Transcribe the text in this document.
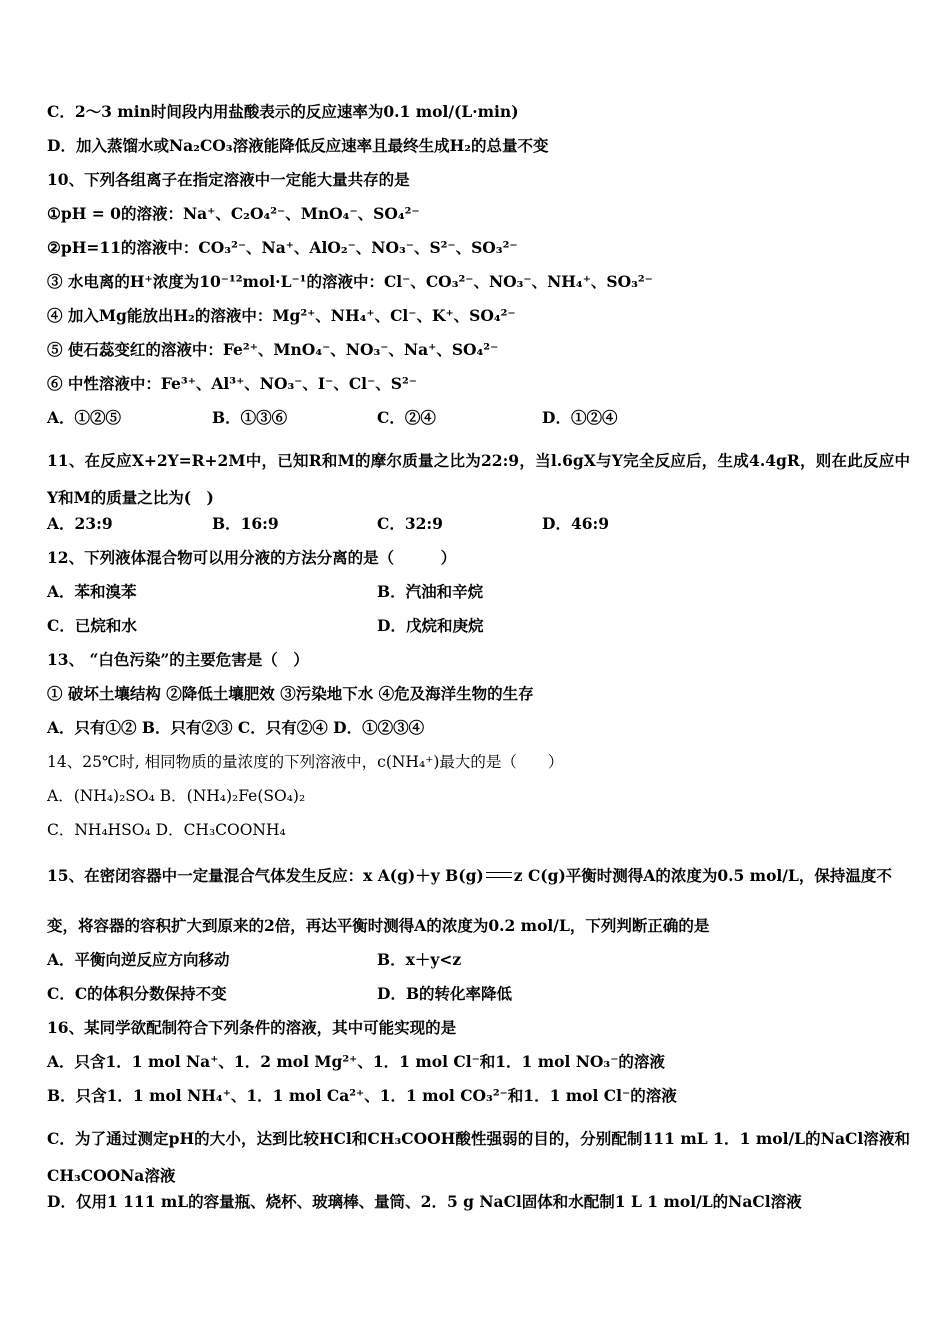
C．2～3 min时间段内用盐酸表示的反应速率为0.1 mol/(L·min)
D．加入蒸馏水或Na₂CO₃溶液能降低反应速率且最终生成H₂的总量不变
10、下列各组离子在指定溶液中一定能大量共存的是
①pH = 0的溶液：Na⁺、C₂O₄²⁻、MnO₄⁻、SO₄²⁻
②pH=11的溶液中：CO₃²⁻、Na⁺、AlO₂⁻、NO₃⁻、S²⁻、SO₃²⁻
③ 水电离的H⁺浓度为10⁻¹²mol·L⁻¹的溶液中：Cl⁻、CO₃²⁻、NO₃⁻、NH₄⁺、SO₃²⁻
④ 加入Mg能放出H₂的溶液中：Mg²⁺、NH₄⁺、Cl⁻、K⁺、SO₄²⁻
⑤ 使石蕊变红的溶液中：Fe²⁺、MnO₄⁻、NO₃⁻、Na⁺、SO₄²⁻
⑥ 中性溶液中：Fe³⁺、Al³⁺、NO₃⁻、I⁻、Cl⁻、S²⁻
A．①②⑤	B．①③⑥	C．②④	D．①②④
11、在反应X+2Y=R+2M中，已知R和M的摩尔质量之比为22:9，当l.6gX与Y完全反应后，生成4.4gR，则在此反应中Y和M的质量之比为(　)
A．23:9	B．16:9	C．32:9	D．46:9
12、下列液体混合物可以用分液的方法分离的是（　　　）
A．苯和溴苯	B．汽油和辛烷
C．已烷和水	D．戊烷和庚烷
13、 “白色污染”的主要危害是（　）
① 破坏土壤结构 ②降低土壤肥效 ③污染地下水 ④危及海洋生物的生存
A．只有①② B．只有②③ C．只有②④ D．①②③④
14、25℃时, 相同物质的量浓度的下列溶液中，c(NH₄⁺)最大的是（　　）
A．(NH₄)₂SO₄ B．(NH₄)₂Fe(SO₄)₂
C．NH₄HSO₄ D．CH₃COONH₄
15、在密闭容器中一定量混合气体发生反应：x A(g)＋y B(g) z C(g)平衡时测得A的浓度为0.5 mol/L，保持温度不
变，将容器的容积扩大到原来的2倍，再达平衡时测得A的浓度为0.2 mol/L，下列判断正确的是
A．平衡向逆反应方向移动	B．x＋y<z
C．C的体积分数保持不变	D．B的转化率降低
16、某同学欲配制符合下列条件的溶液，其中可能实现的是
A．只含1．1 mol Na⁺、1．2 mol Mg²⁺、1．1 mol Cl⁻和1．1 mol NO₃⁻的溶液
B．只含1．1 mol NH₄⁺、1．1 mol Ca²⁺、1．1 mol CO₃²⁻和1．1 mol Cl⁻的溶液
C．为了通过测定pH的大小，达到比较HCl和CH₃COOH酸性强弱的目的，分别配制111 mL 1．1 mol/L的NaCl溶液和CH₃COONa溶液
D．仅用1 111 mL的容量瓶、烧杯、玻璃棒、量筒、2．5 g NaCl固体和水配制1 L 1 mol/L的NaCl溶液
